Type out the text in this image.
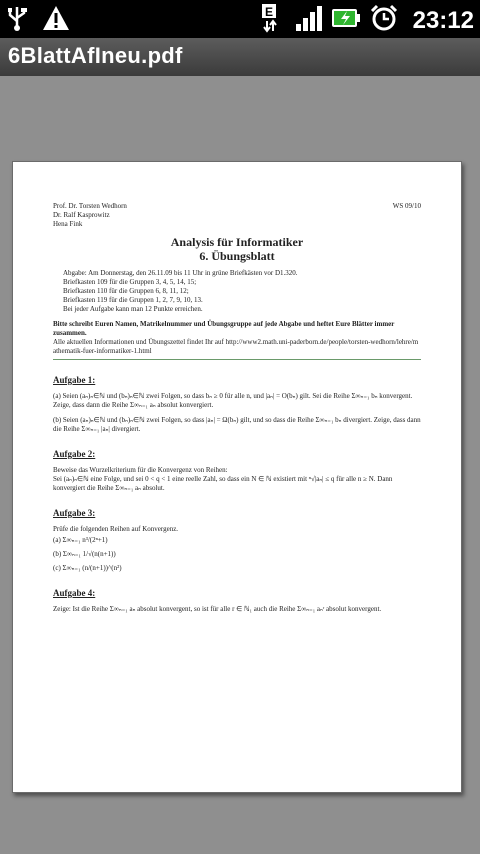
E	23:12
6BlattAfIneu.pdf
Prof. Dr. Torsten Wedhorn
Dr. Ralf Kasprowitz
Hena Fink
WS 09/10
Analysis für Informatiker
6. Übungsblatt
Abgabe: Am Donnerstag, den 26.11.09 bis 11 Uhr in grüne Briefkästen vor D1.320.
Briefkasten 109 für die Gruppen 3, 4, 5, 14, 15;
Briefkasten 110 für die Gruppen 6, 8, 11, 12;
Briefkasten 119 für die Gruppen 1, 2, 7, 9, 10, 13.
Bei jeder Aufgabe kann man 12 Punkte erreichen.
Bitte schreibt Euren Namen, Matrikelnummer und Übungsgruppe auf jede Abgabe und heftet Eure Blätter immer zusammen.
Alle aktuellen Informationen und Übungszettel findet Ihr auf http://www2.math.uni-paderborn.de/people/torsten-wedhorn/lehre/mathematik-fuer-informatiker-1.html
Aufgabe 1:
(a) Seien (aₙ)ₙ∈ℕ und (bₙ)ₙ∈ℕ zwei Folgen, so dass bₙ ≥ 0 für alle n, und |aₙ| = O(bₙ) gilt. Sei die Reihe Σ∞ₙ₌₁ bₙ konvergent. Zeige, dass dann die Reihe Σ∞ₙ₌₁ aₙ absolut konvergiert.
(b) Seien (aₙ)ₙ∈ℕ und (bₙ)ₙ∈ℕ zwei Folgen, so dass |aₙ| = Ω(bₙ) gilt, und so dass die Reihe Σ∞ₙ₌₁ bₙ divergiert. Zeige, dass dann die Reihe Σ∞ₙ₌₁ |aₙ| divergiert.
Aufgabe 2:
Beweise das Wurzelkriterium für die Konvergenz von Reihen:
Sei (aₙ)ₙ∈ℕ eine Folge, und sei 0 < q < 1 eine reelle Zahl, so dass ein N ∈ ℕ existiert mit ⁿ√|aₙ| ≤ q für alle n ≥ N. Dann konvergiert die Reihe Σ∞ₙ₌₁ aₙ absolut.
Aufgabe 3:
Prüfe die folgenden Reihen auf Konvergenz.
(a) Σ∞ₙ₌₁ n³/(2ⁿ+1)
(b) Σ∞ₙ₌₁ 1/√(n(n+1))
(c) Σ∞ₙ₌₁ (n/(n+1))^(n²)
Aufgabe 4:
Zeige: Ist die Reihe Σ∞ₙ₌₁ aₙ absolut konvergent, so ist für alle r ∈ ℕ₁ auch die Reihe Σ∞ₙ₌₁ aₙʳ absolut konvergent.
